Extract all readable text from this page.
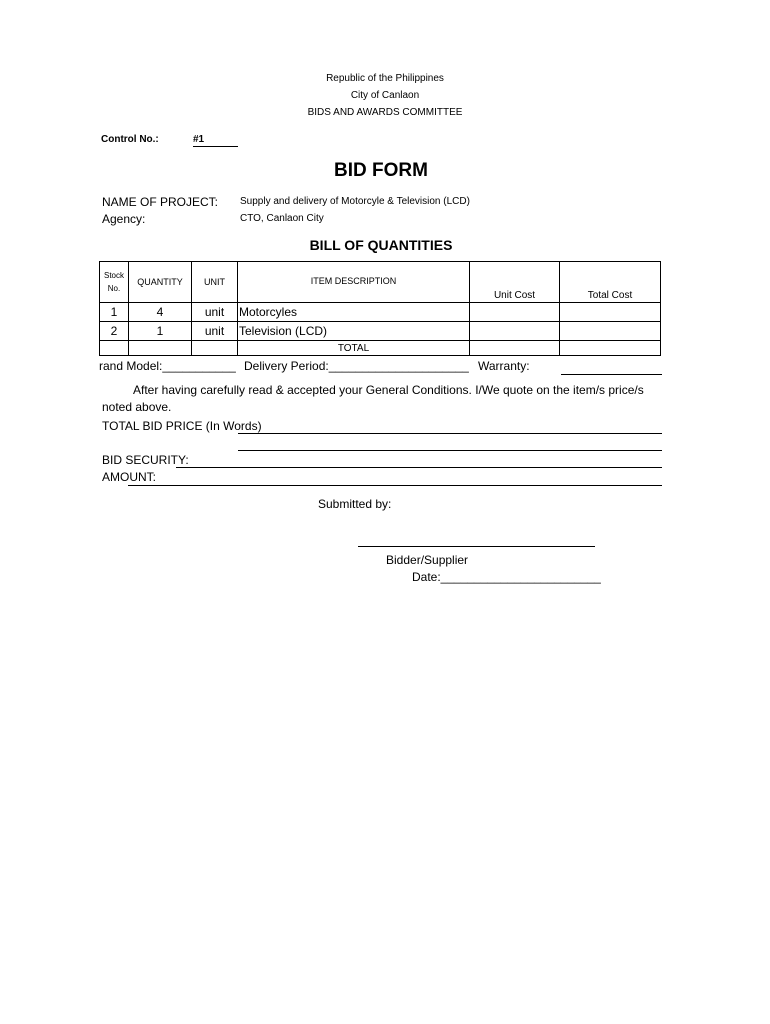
Republic of the Philippines
City of Canlaon
BIDS AND AWARDS COMMITTEE
Control No.:	#1
BID FORM
NAME OF PROJECT: Supply and delivery of Motorcyle & Television (LCD)
Agency:	CTO, Canlaon City
BILL OF QUANTITIES
Stock
No.	QUANTITY	UNIT	ITEM DESCRIPTION	Unit Cost	Total Cost
1	4	unit	Motorcyles		
2	1	unit	Television (LCD)		
			TOTAL		
rand Model:___________ Delivery Period:_____________________ Warranty:
After having carefully read & accepted your General Conditions. I/We quote on the item/s price/s
noted above.
TOTAL BID PRICE (In Words)
BID SECURITY:
AMOUNT:
Submitted by:
Bidder/Supplier
Date:________________________
